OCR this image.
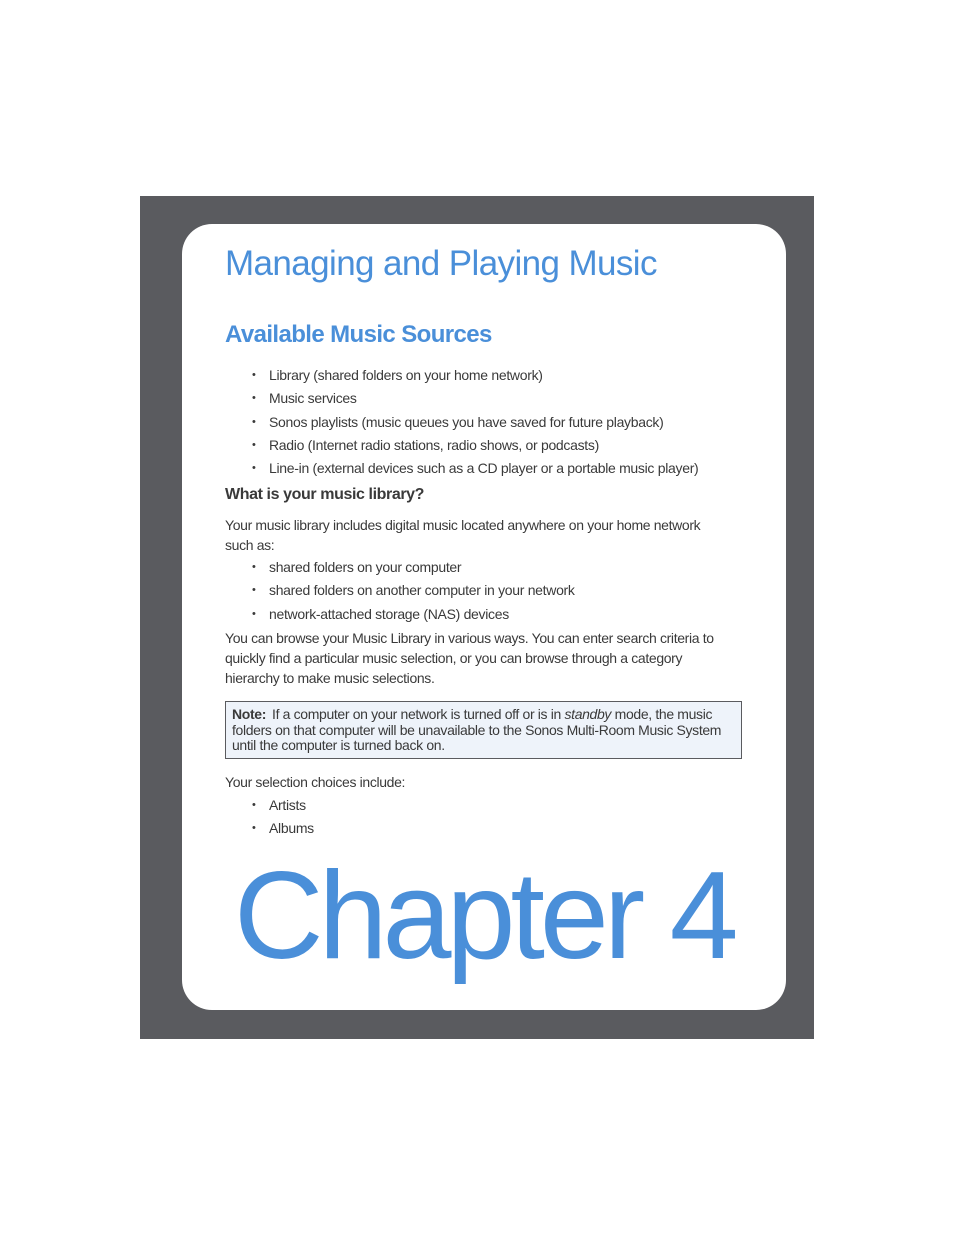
Managing and Playing Music
Available Music Sources
• Library (shared folders on your home network)
• Music services
• Sonos playlists (music queues you have saved for future playback)
• Radio (Internet radio stations, radio shows, or podcasts)
• Line-in (external devices such as a CD player or a portable music player)
What is your music library?

Your music library includes digital music located anywhere on your home network such as:

• shared folders on your computer
• shared folders on another computer in your network
• network-attached storage (NAS) devices

You can browse your Music Library in various ways. You can enter search criteria to quickly find a particular music selection, or you can browse through a category hierarchy to make music selections.

Note: If a computer on your network is turned off or is in standby mode, the music folders on that computer will be unavailable to the Sonos Multi-Room Music System until the computer is turned back on.

Your selection choices include:

• Artists
• Albums
Chapter 4
